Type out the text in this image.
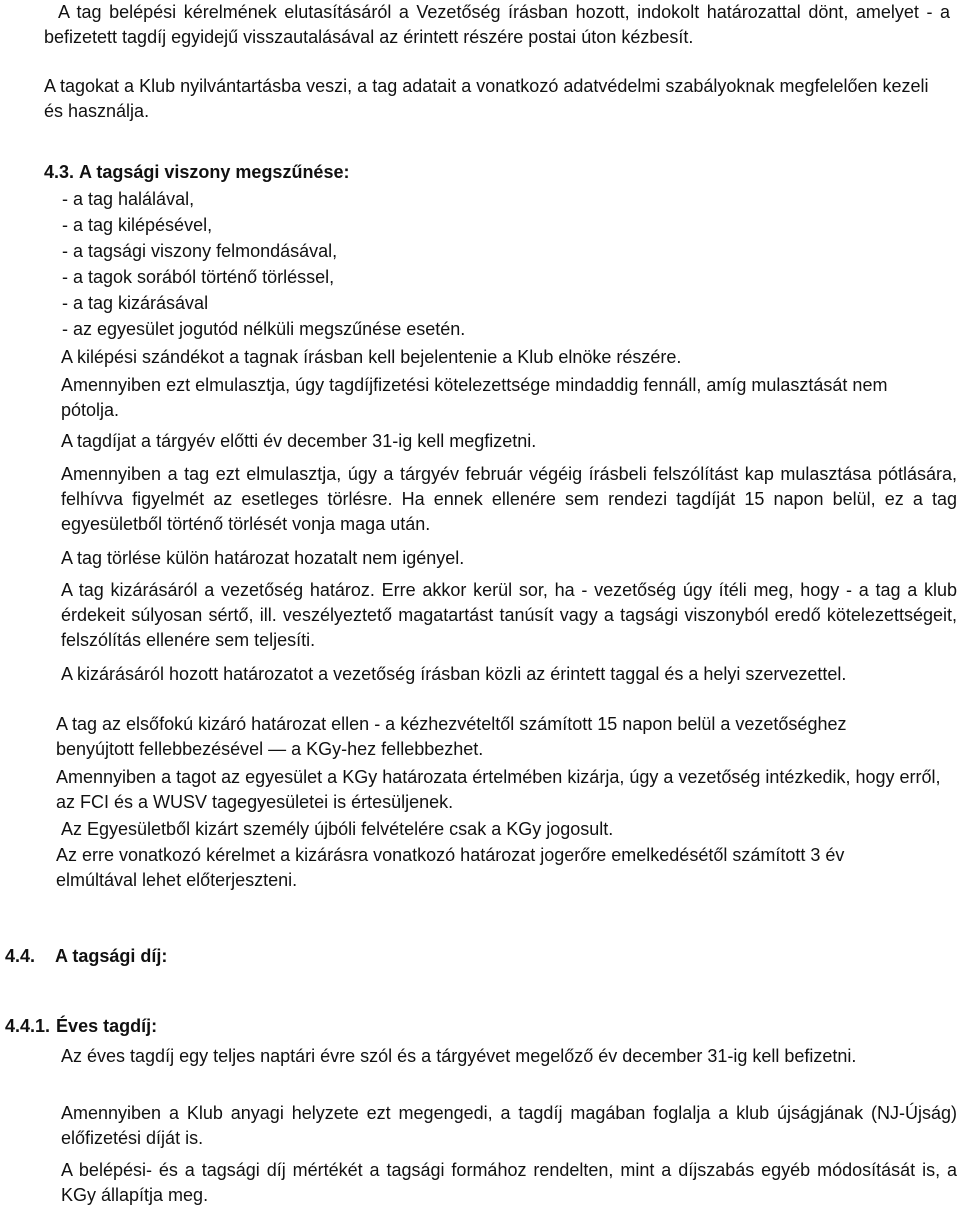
A tag belépési kérelmének elutasításáról a Vezetőség írásban hozott, indokolt határozattal dönt, amelyet - a befizetett tagdíj egyidejű visszautalásával az érintett részére postai úton kézbesít.

A tagokat a Klub nyilvántartásba veszi, a tag adatait a vonatkozó adatvédelmi szabályoknak megfelelően kezeli és használja.

4.3. A tagsági viszony megszűnése:
- a tag halálával,
- a tag kilépésével,
- a tagsági viszony felmondásával,
- a tagok sorából történő törléssel,
- a tag kizárásával
- az egyesület jogutód nélküli megszűnése esetén.

A kilépési szándékot a tagnak írásban kell bejelentenie a Klub elnöke részére.

Amennyiben ezt elmulasztja, úgy tagdíjfizetési kötelezettsége mindaddig fennáll, amíg mulasztását nem pótolja.

A tagdíjat a tárgyév előtti év december 31-ig kell megfizetni.

Amennyiben a tag ezt elmulasztja, úgy a tárgyév február végéig írásbeli felszólítást kap mulasztása pótlására, felhívva figyelmét az esetleges törlésre. Ha ennek ellenére sem rendezi tagdíját 15 napon belül, ez a tag egyesületből történő törlését vonja maga után.

A tag törlése külön határozat hozatalt nem igényel.

A tag kizárásáról a vezetőség határoz. Erre akkor kerül sor, ha - vezetőség úgy ítéli meg, hogy - a tag a klub érdekeit súlyosan sértő, ill. veszélyeztető magatartást tanúsít vagy a tagsági viszonyból eredő kötelezettségeit, felszólítás ellenére sem teljesíti.

A kizárásáról hozott határozatot a vezetőség írásban közli az érintett taggal és a helyi szervezettel.

A tag az elsőfokú kizáró határozat ellen - a kézhezvételtől számított 15 napon belül a vezetőséghez benyújtott fellebbezésével — a KGy-hez fellebbezhet.

Amennyiben a tagot az egyesület a KGy határozata értelmében kizárja, úgy a vezetőség intézkedik, hogy erről, az FCI és a WUSV tagegyesületei is értesüljenek.

Az Egyesületből kizárt személy újbóli felvételére csak a KGy jogosult.

Az erre vonatkozó kérelmet a kizárásra vonatkozó határozat jogerőre emelkedésétől számított 3 év elmúltával lehet előterjeszteni.

4.4. A tagsági díj:
4.4.1. Éves tagdíj:

Az éves tagdíj egy teljes naptári évre szól és a tárgyévet megelőző év december 31-ig kell befizetni.

Amennyiben a Klub anyagi helyzete ezt megengedi, a tagdíj magában foglalja a klub újságjának (NJ-Újság) előfizetési díját is.

A belépési- és a tagsági díj mértékét a tagsági formához rendelten, mint a díjszabás egyéb módosítását is, a KGy állapítja meg.
